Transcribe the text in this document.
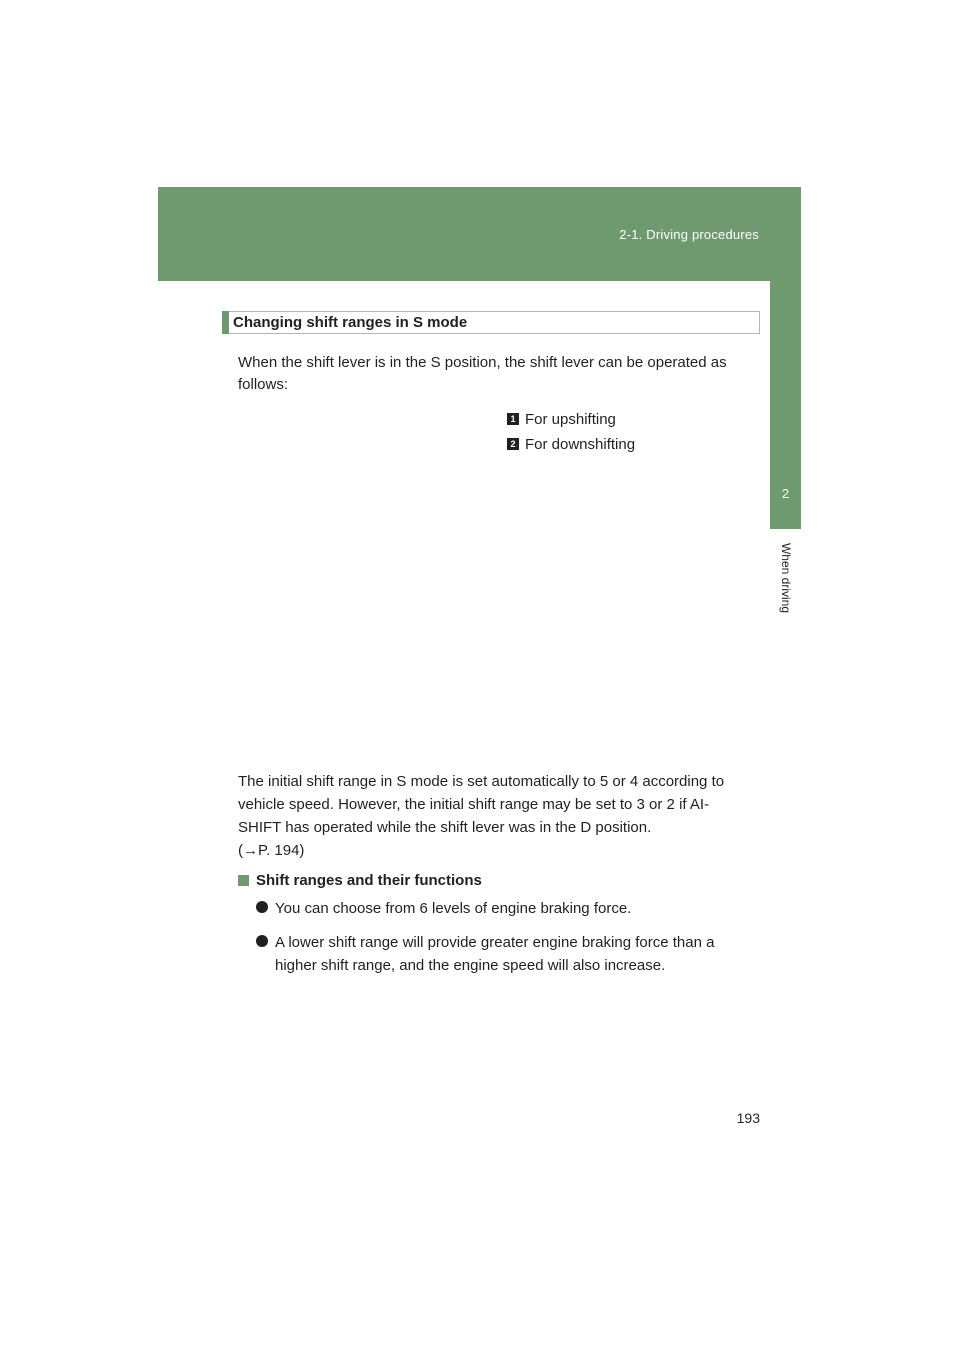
2-1. Driving procedures
2
When driving
Changing shift ranges in S mode

When the shift lever is in the S position, the shift lever can be operated as

follows:

1 For upshifting
2 For downshifting

The initial shift range in S mode is set automatically to 5 or 4 according to

vehicle speed. However, the initial shift range may be set to 3 or 2 if AI-

SHIFT has operated while the shift lever was in the D position.

(→P. 194)

Shift ranges and their functions
You can choose from 6 levels of engine braking force.
A lower shift range will provide greater engine braking force than a
higher shift range, and the engine speed will also increase.
193
